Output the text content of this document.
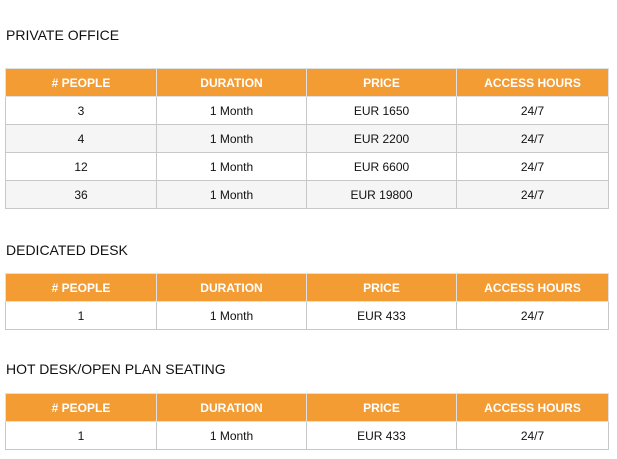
PRIVATE OFFICE
# PEOPLE	DURATION	PRICE	ACCESS HOURS
3	1 Month	EUR 1650	24/7
4	1 Month	EUR 2200	24/7
12	1 Month	EUR 6600	24/7
36	1 Month	EUR 19800	24/7
DEDICATED DESK
# PEOPLE	DURATION	PRICE	ACCESS HOURS
1	1 Month	EUR 433	24/7
HOT DESK/OPEN PLAN SEATING
# PEOPLE	DURATION	PRICE	ACCESS HOURS
1	1 Month	EUR 433	24/7
